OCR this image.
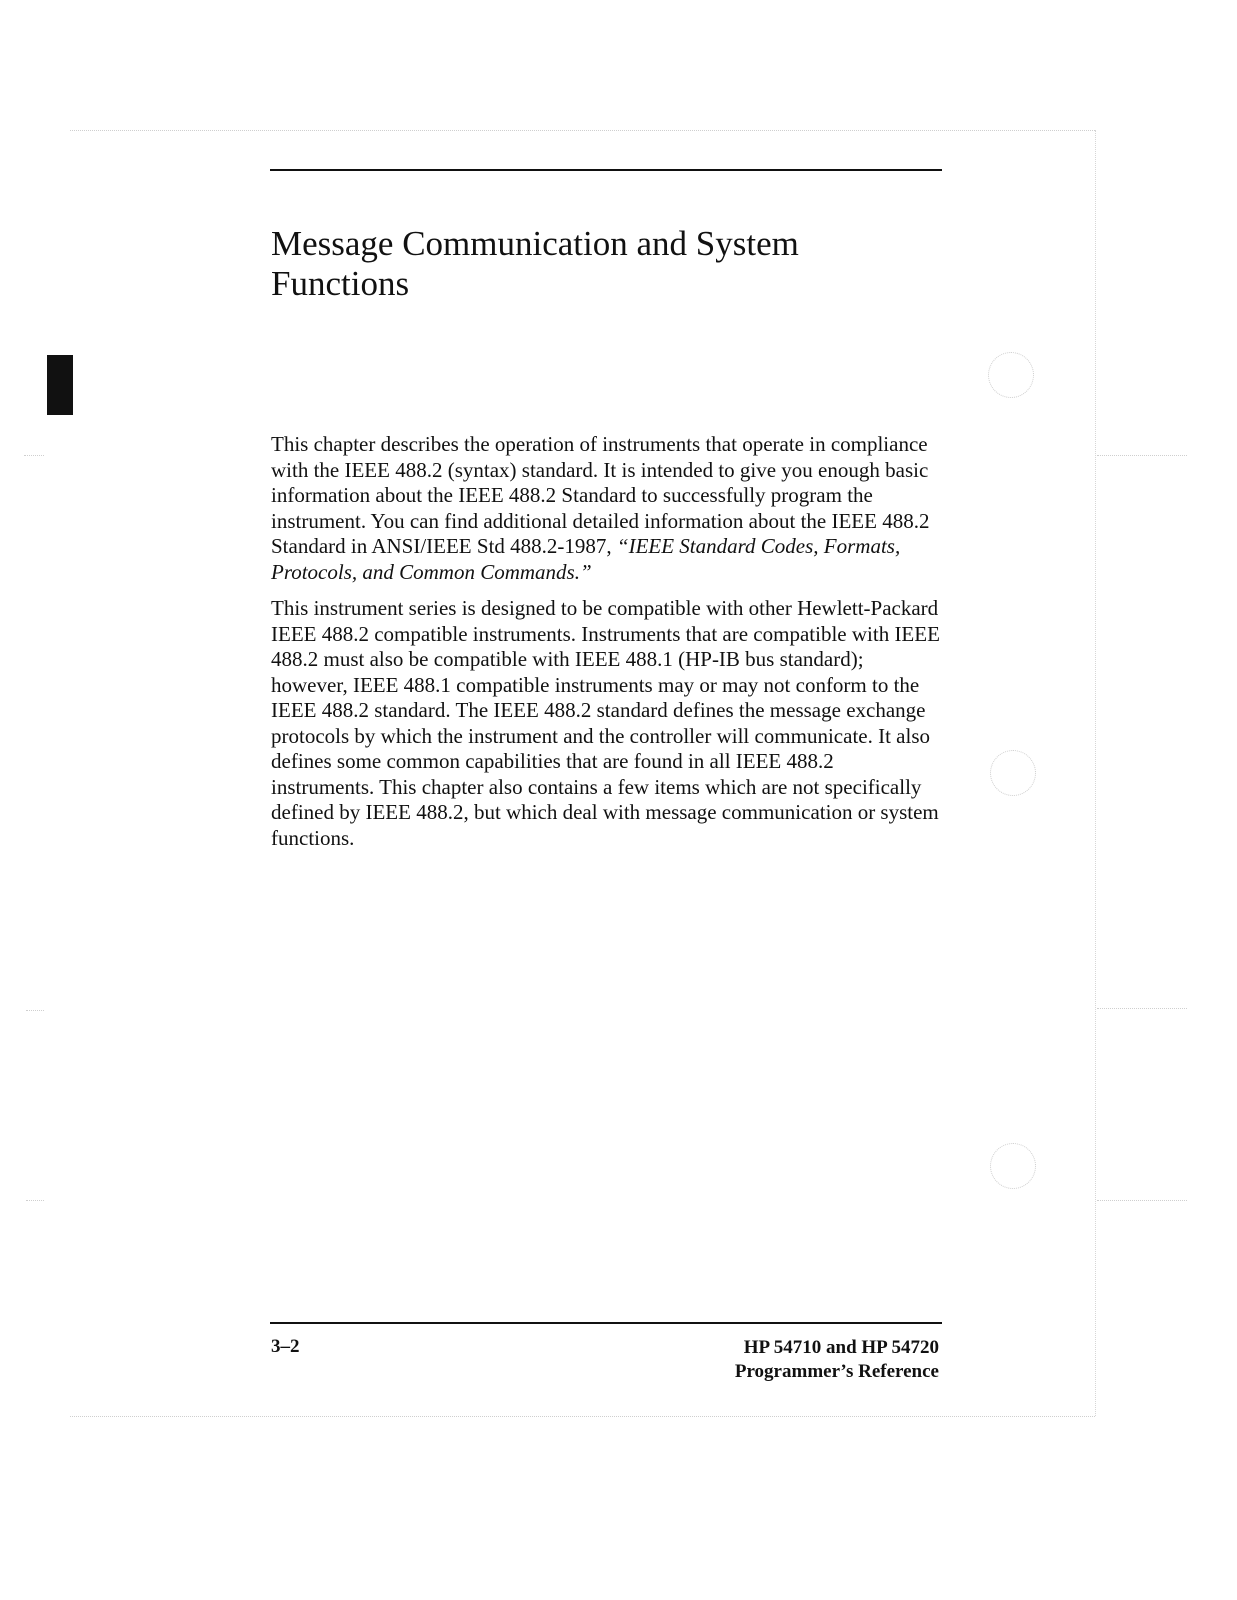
Message Communication and System Functions

This chapter describes the operation of instruments that operate in compliance with the IEEE 488.2 (syntax) standard. It is intended to give you enough basic information about the IEEE 488.2 Standard to successfully program the instrument. You can find additional detailed information about the IEEE 488.2 Standard in ANSI/IEEE Std 488.2-1987, “IEEE Standard Codes, Formats, Protocols, and Common Commands.”

This instrument series is designed to be compatible with other Hewlett-Packard IEEE 488.2 compatible instruments. Instruments that are compatible with IEEE 488.2 must also be compatible with IEEE 488.1 (HP-IB bus standard); however, IEEE 488.1 compatible instruments may or may not conform to the IEEE 488.2 standard. The IEEE 488.2 standard defines the message exchange protocols by which the instrument and the controller will communicate. It also defines some common capabilities that are found in all IEEE 488.2 instruments. This chapter also contains a few items which are not specifically defined by IEEE 488.2, but which deal with message communication or system functions.

3–2	HP 54710 and HP 54720
Programmer’s Reference
